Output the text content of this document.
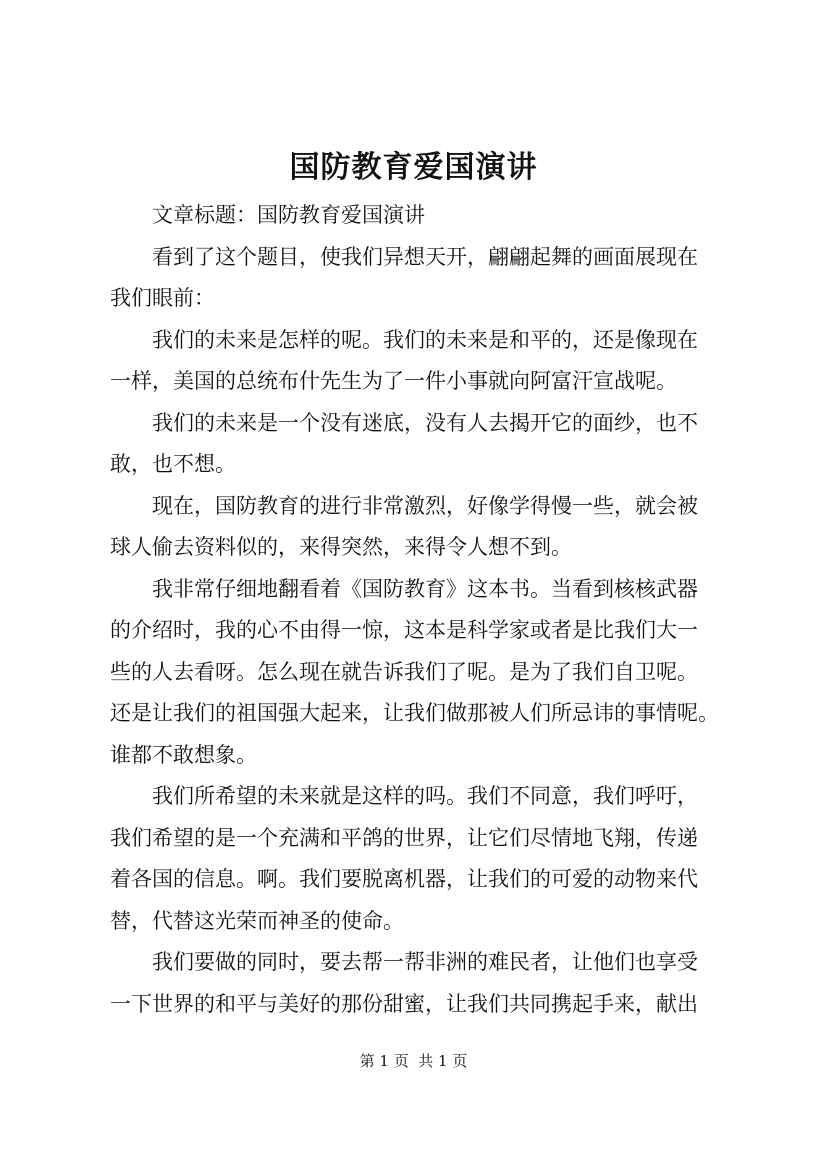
国防教育爱国演讲

文章标题：国防教育爱国演讲

看到了这个题目，使我们异想天开，翩翩起舞的画面展现在
我们眼前：

我们的未来是怎样的呢。我们的未来是和平的，还是像现在
一样，美国的总统布什先生为了一件小事就向阿富汗宣战呢。

我们的未来是一个没有迷底，没有人去揭开它的面纱，也不
敢，也不想。

现在，国防教育的进行非常激烈，好像学得慢一些，就会被
球人偷去资料似的，来得突然，来得令人想不到。

我非常仔细地翻看着《国防教育》这本书。当看到核核武器
的介绍时，我的心不由得一惊，这本是科学家或者是比我们大一
些的人去看呀。怎么现在就告诉我们了呢。是为了我们自卫呢。
还是让我们的祖国强大起来，让我们做那被人们所忌讳的事情呢。
谁都不敢想象。

我们所希望的未来就是这样的吗。我们不同意，我们呼吁，
我们希望的是一个充满和平鸽的世界，让它们尽情地飞翔，传递
着各国的信息。啊。我们要脱离机器，让我们的可爱的动物来代
替，代替这光荣而神圣的使命。

我们要做的同时，要去帮一帮非洲的难民者，让他们也享受
一下世界的和平与美好的那份甜蜜，让我们共同携起手来，献出

第 1 页  共 1 页
